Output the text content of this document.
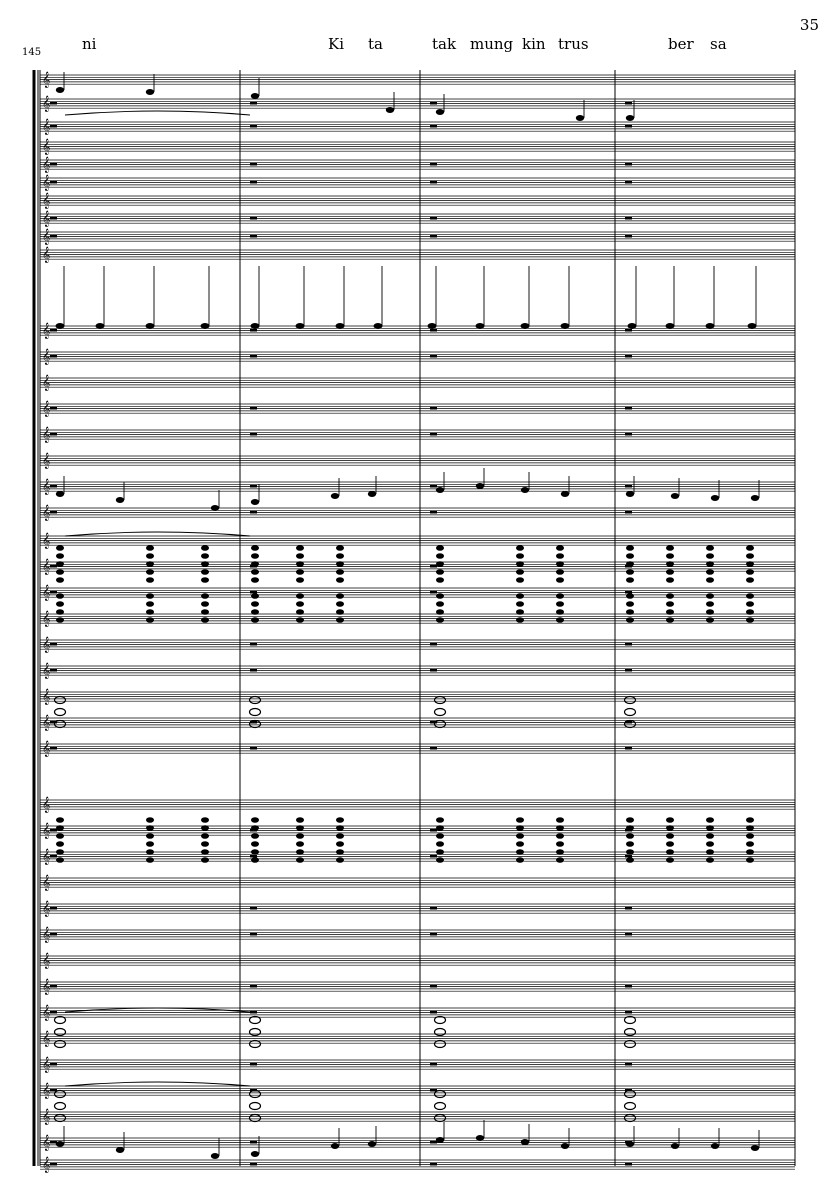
35
145	ni	Ki ta	tak mung kin trus	ber sa
𝄞
𝄞
𝄞
𝄞
𝄞
𝄞
𝄞
𝄞
𝄞
𝄞
𝄞
𝄞
𝄞
𝄞
𝄞
𝄞
𝄞
𝄞
𝄞
𝄞
𝄞
𝄞
𝄞
𝄞
𝄞
𝄞
𝄞
𝄞
𝄞
𝄞
𝄞
𝄞
𝄞
𝄞
𝄞
𝄞
𝄞
𝄞
𝄞
𝄞
𝄞
𝄞
